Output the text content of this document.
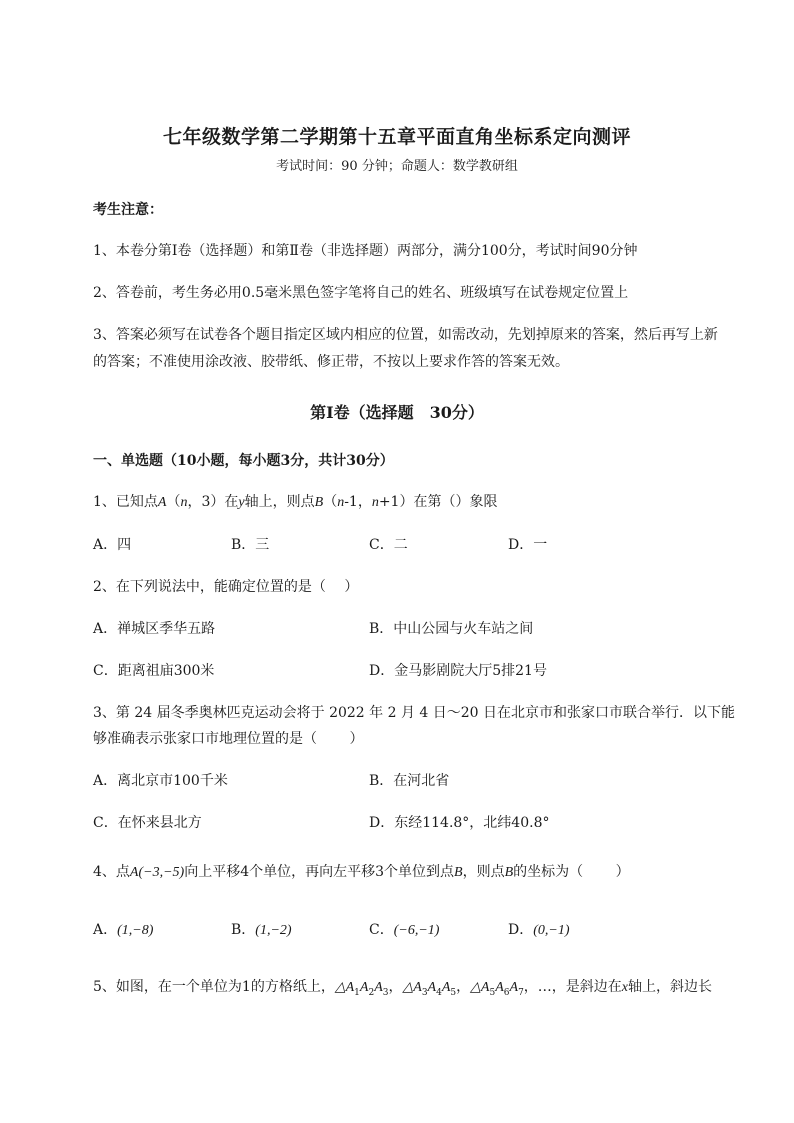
七年级数学第二学期第十五章平面直角坐标系定向测评
考试时间：90 分钟；命题人：数学教研组
考生注意：
1、本卷分第Ⅰ卷（选择题）和第Ⅱ卷（非选择题）两部分，满分100分，考试时间90分钟
2、答卷前，考生务必用0.5毫米黑色签字笔将自己的姓名、班级填写在试卷规定位置上
3、答案必须写在试卷各个题目指定区域内相应的位置，如需改动，先划掉原来的答案，然后再写上新
的答案；不准使用涂改液、胶带纸、修正带，不按以上要求作答的答案无效。
第Ⅰ卷（选择题　30分）
一、单选题（10小题，每小题3分，共计30分）
1、已知点A（n，3）在y轴上，则点B（n-1，n+1）在第（）象限
A．四	B．三	C．二	D．一
2、在下列说法中，能确定位置的是（　 ）
A．禅城区季华五路	B．中山公园与火车站之间
C．距离祖庙300米	D．金马影剧院大厅5排21号
3、第 24 届冬季奥林匹克运动会将于 2022 年 2 月 4 日～20 日在北京市和张家口市联合举行．以下能
够准确表示张家口市地理位置的是（　　 ）
A．离北京市100千米	B．在河北省
C．在怀来县北方	D．东经114.8°，北纬40.8°
4、点A(−3,−5)向上平移4个单位，再向左平移3个单位到点B，则点B的坐标为（　　 ）
A．(1,−8)	B．(1,−2)	C．(−6,−1)	D．(0,−1)
5、如图，在一个单位为1的方格纸上，$\triangle A_1A_2A_3$，$\triangle A_3A_4A_5$，$\triangle A_5A_6A_7$，…，是斜边在x轴上，斜边长
